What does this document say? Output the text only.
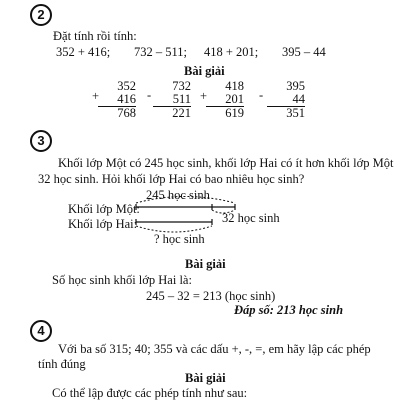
2
Đặt tính rồi tính:
352 + 416; 732 – 511; 418 + 201; 395 – 44
Bài giải
+
352
416
768
-
732
511
221
+
418
201
619
-
395
44
351
3
Khối lớp Một có 245 học sinh, khối lớp Hai có ít hơn khối lớp Một
32 học sinh. Hỏi khối lớp Hai có bao nhiêu học sinh?
245 học sinh
Khối lớp Một:
Khối lớp Hai:	32 học sinh
? học sinh
Bài giải
Số học sinh khối lớp Hai là:
245 – 32 = 213 (học sinh)
Đáp số: 213 học sinh
4
Với ba số 315; 40; 355 và các dấu +, -, =, em hãy lập các phép
tính đúng
Bài giải
Có thể lập được các phép tính như sau:
